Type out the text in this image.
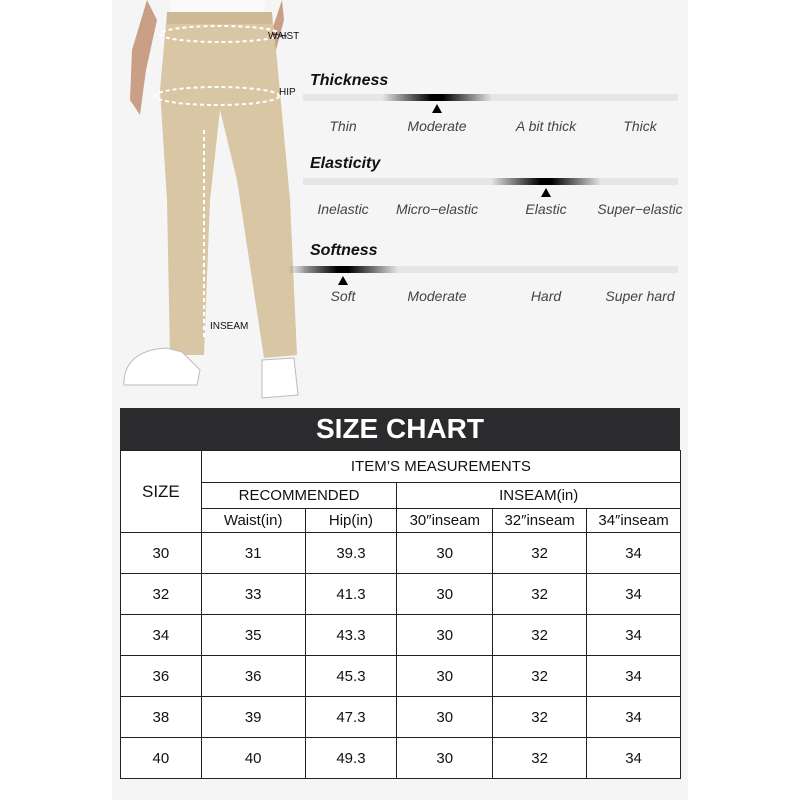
WAIST
HIP
INSEAM
Thickness
Thin	Moderate	A bit thick	Thick
Elasticity
Inelastic Micro−elastic	Elastic Super−elastic
Softness
Soft	Moderate	Hard	Super hard
SIZE CHART
SIZE	ITEM’S MEASUREMENTS				
	RECOMMENDED		INSEAM(in)		
	Waist(in)	Hip(in)	30″inseam	32″inseam	34″inseam
30	31	39.3	30	32	34
32	33	41.3	30	32	34
34	35	43.3	30	32	34
36	36	45.3	30	32	34
38	39	47.3	30	32	34
40	40	49.3	30	32	34
